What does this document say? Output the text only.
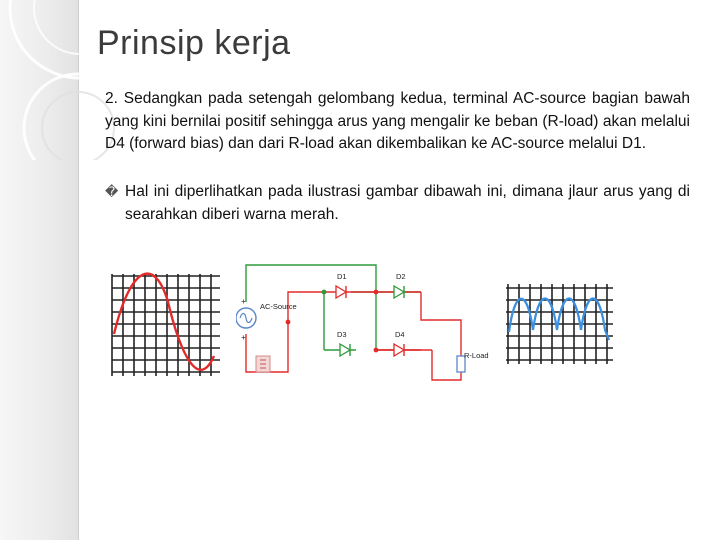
Prinsip kerja

2. Sedangkan pada setengah gelombang kedua, terminal AC-source bagian bawah yang kini bernilai positif sehingga arus yang mengalir ke beban (R-load) akan melalui D4 (forward bias) dan dari R-load akan dikembalikan ke AC-source melalui D1.

� Hal ini diperlihatkan pada ilustrasi gambar dibawah ini, dimana jlaur arus yang di searahkan diberi warna merah.
AC-Source
+
+
D1	D2
D3	D4
R-Load
